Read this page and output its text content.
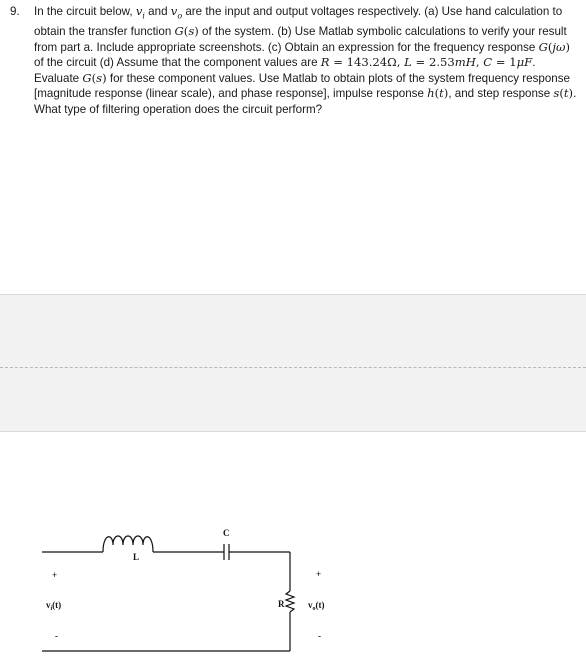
9.	In the circuit below, $v_i$ and $v_o$ are the input and output voltages respectively. (a) Use hand calculation to obtain the transfer function G(s) of the system. (b) Use Matlab symbolic calculations to verify your result from part a. Include appropriate screenshots. (c) Obtain an expression for the frequency response G(jω) of the circuit (d) Assume that the component values are R = 143.24Ω, L = 2.53mH, C = 1μF. Evaluate G(s) for these component values. Use Matlab to obtain plots of the system frequency response [magnitude response (linear scale), and phase response], impulse response h(t), and step response s(t). What type of filtering operation does the circuit perform?
+
$v_i(t)$
-
L
C
R
+
$v_o(t)$
-
